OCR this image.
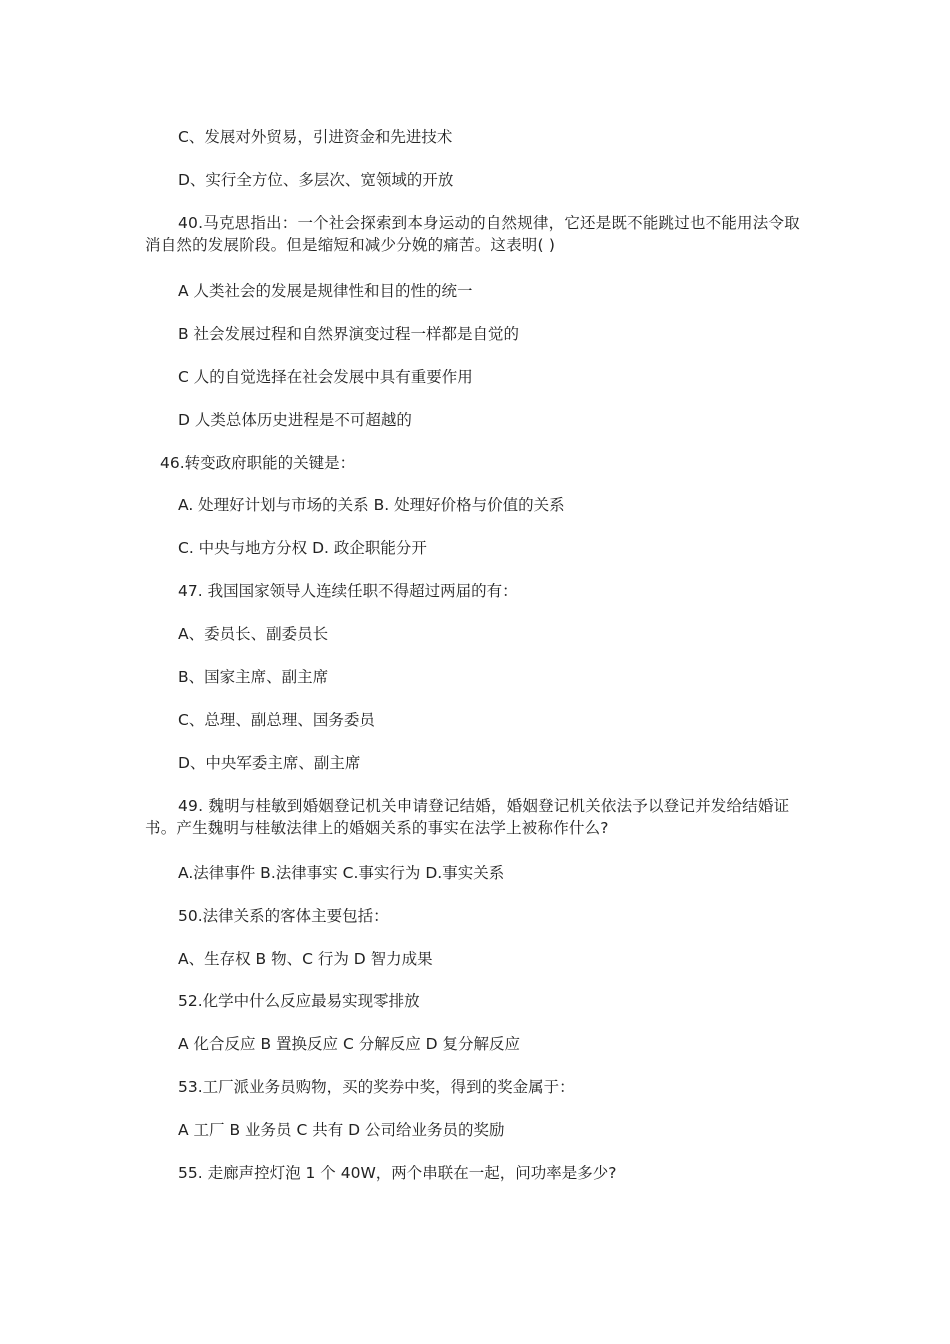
C、发展对外贸易，引进资金和先进技术
D、实行全方位、多层次、宽领域的开放
40.马克思指出：一个社会探索到本身运动的自然规律，它还是既不能跳过也不能用法令取消自然的发展阶段。但是缩短和减少分娩的痛苦。这表明( )
A 人类社会的发展是规律性和目的性的统一
B 社会发展过程和自然界演变过程一样都是自觉的
C 人的自觉选择在社会发展中具有重要作用
D 人类总体历史进程是不可超越的
46.转变政府职能的关键是：
A. 处理好计划与市场的关系 B. 处理好价格与价值的关系
C. 中央与地方分权 D. 政企职能分开
47. 我国国家领导人连续任职不得超过两届的有：
A、委员长、副委员长
B、国家主席、副主席
C、总理、副总理、国务委员
D、中央军委主席、副主席
49. 魏明与桂敏到婚姻登记机关申请登记结婚，婚姻登记机关依法予以登记并发给结婚证书。产生魏明与桂敏法律上的婚姻关系的事实在法学上被称作什么?
A.法律事件 B.法律事实 C.事实行为 D.事实关系
50.法律关系的客体主要包括：
A、生存权 B 物、C 行为 D 智力成果
52.化学中什么反应最易实现零排放
A 化合反应 B 置换反应 C 分解反应 D 复分解反应
53.工厂派业务员购物，买的奖券中奖，得到的奖金属于：
A 工厂 B 业务员 C 共有 D 公司给业务员的奖励
55. 走廊声控灯泡 1 个 40W，两个串联在一起，问功率是多少?
